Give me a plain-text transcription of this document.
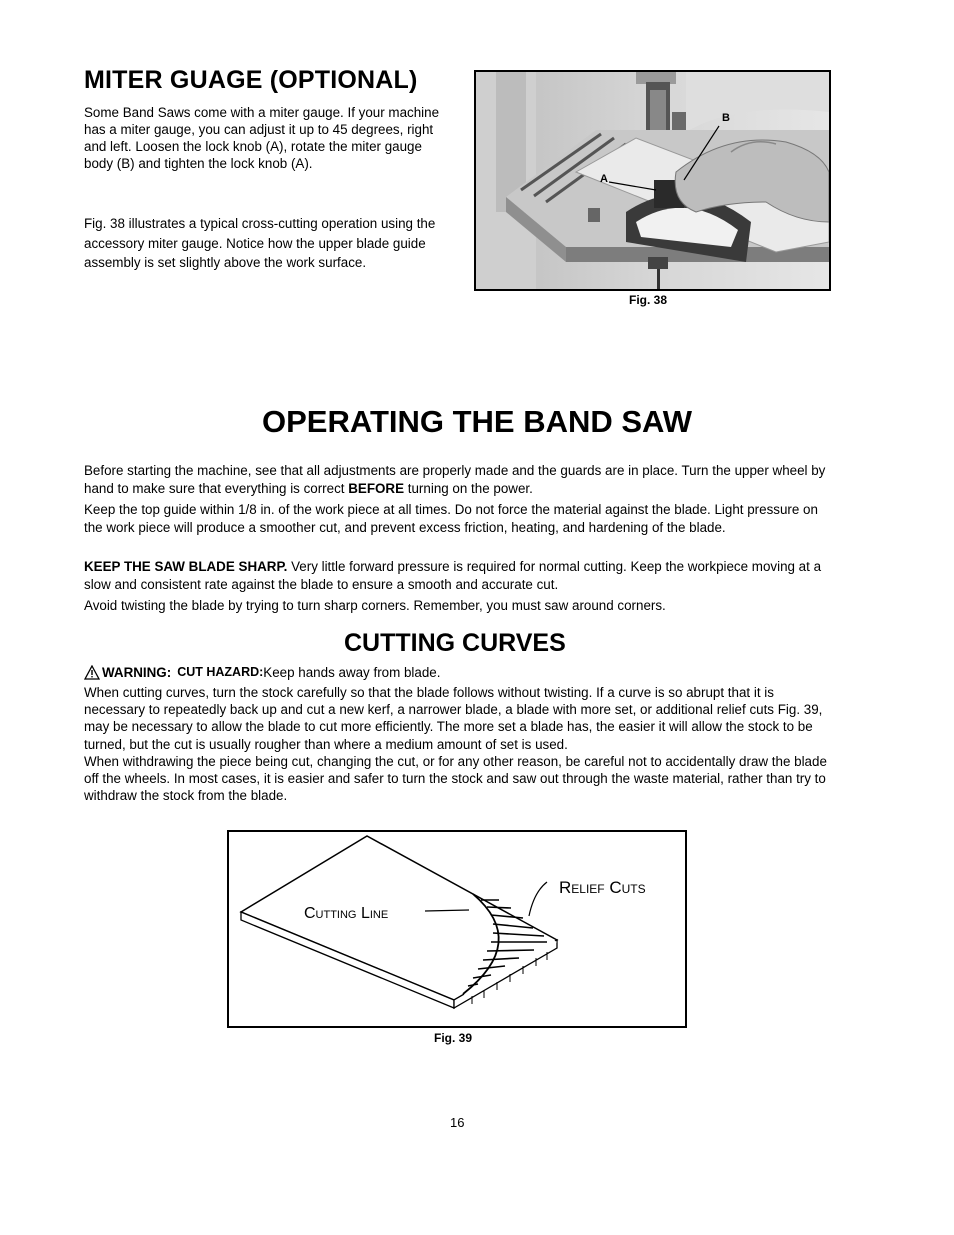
MITER GUAGE (OPTIONAL)

Some Band Saws come with a miter gauge. If your machine has a miter gauge, you can adjust it up to 45 degrees, right and left. Loosen the lock knob (A), rotate the miter gauge body (B) and tighten the lock knob (A).

Fig. 38 illustrates a typical cross-cutting operation using the accessory miter gauge. Notice how the upper blade guide assembly is set slightly above the work surface.

B
A
Fig. 38
OPERATING THE BAND SAW

Before starting the machine, see that all adjustments are properly made and the guards are in place. Turn the upper wheel by hand to make sure that everything is correct BEFORE turning on the power.

Keep the top guide within 1/8 in. of the work piece at all times. Do not force the material against the blade. Light pressure on the work piece will produce a smoother cut, and prevent excess friction, heating, and hardening of the blade.

KEEP THE SAW BLADE SHARP. Very little forward pressure is required for normal cutting. Keep the workpiece moving at a slow and consistent rate against the blade to ensure a smooth and accurate cut.

Avoid twisting the blade by trying to turn sharp corners. Remember, you must saw around corners.

CUTTING CURVES
WARNING: CUT HAZARD: Keep hands away from blade.

When cutting curves, turn the stock carefully so that the blade follows without twisting. If a curve is so abrupt that it is necessary to repeatedly back up and cut a new kerf, a narrower blade, a blade with more set, or additional relief cuts Fig. 39, may be necessary to allow the blade to cut more efficiently. The more set a blade has, the easier it will allow the stock to be turned, but the cut is usually rougher than where a medium amount of set is used.

When withdrawing the piece being cut, changing the cut, or for any other reason, be careful not to accidentally draw the blade off the wheels. In most cases, it is easier and safer to turn the stock and saw out through the waste material, rather than try to withdraw the stock from the blade.

Cutting Line
Relief Cuts
Fig. 39
16
